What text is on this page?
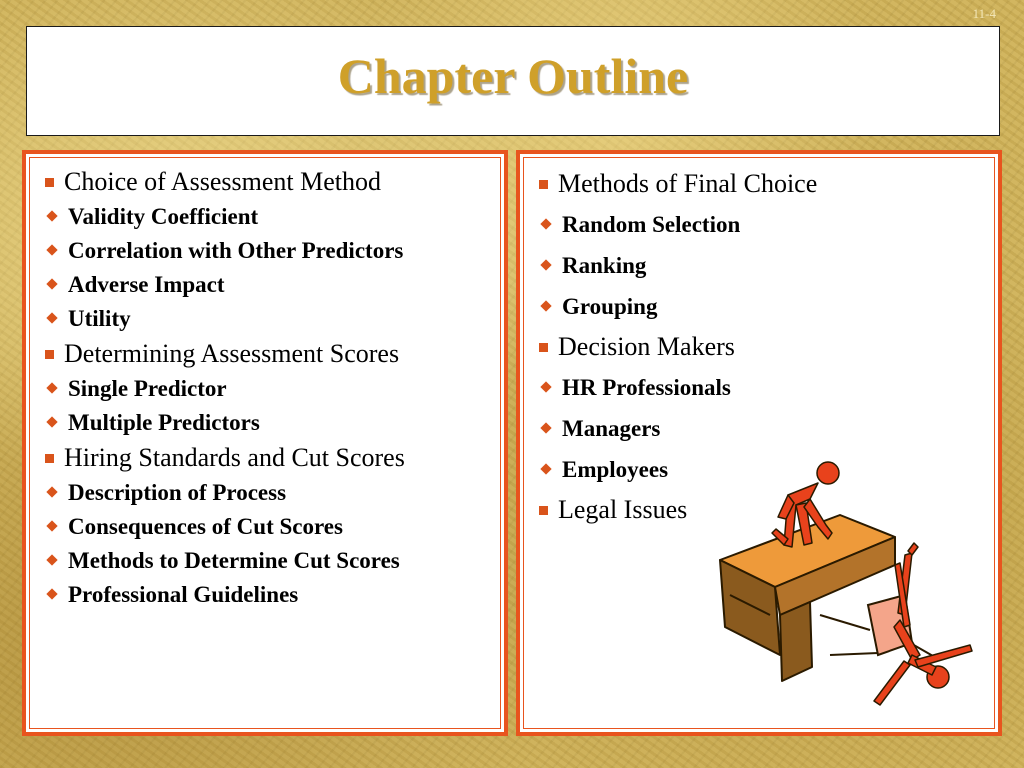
11-4
Chapter Outline
Choice of Assessment Method
Validity Coefficient
Correlation with Other Predictors
Adverse Impact
Utility
Determining Assessment Scores
Single Predictor
Multiple Predictors
Hiring Standards and Cut Scores
Description of Process
Consequences of Cut Scores
Methods to Determine Cut Scores
Professional Guidelines
Methods of Final Choice
Random Selection
Ranking
Grouping
Decision Makers
HR Professionals
Managers
Employees
Legal Issues
